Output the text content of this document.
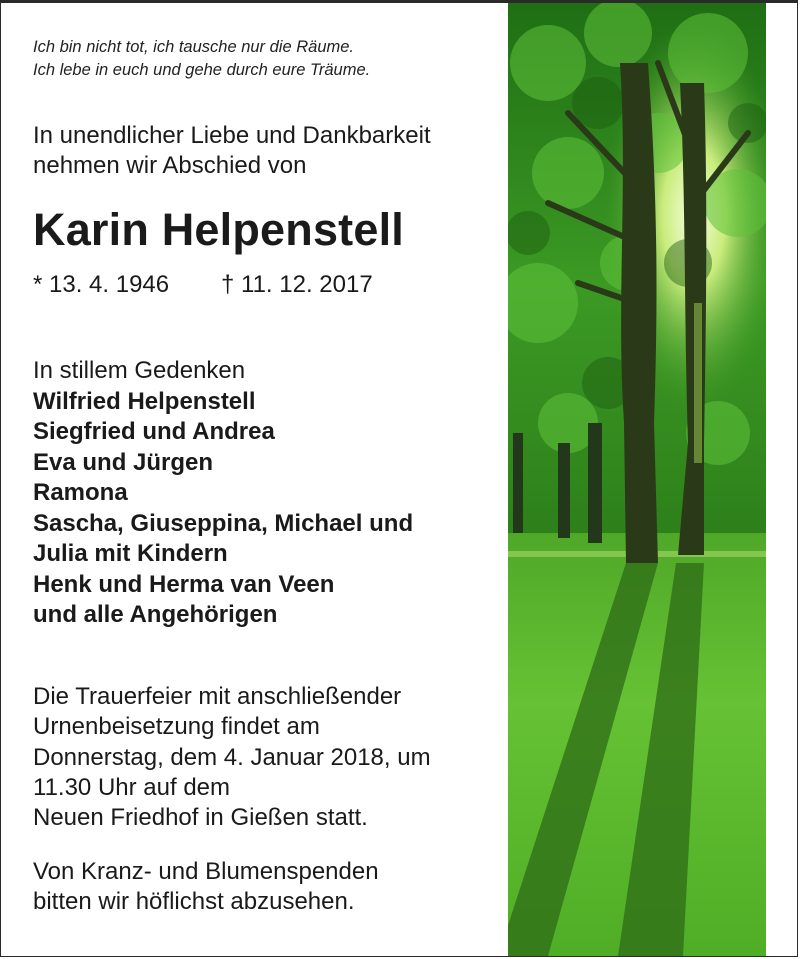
Ich bin nicht tot, ich tausche nur die Räume.
Ich lebe in euch und gehe durch eure Träume.
In unendlicher Liebe und Dankbarkeit
nehmen wir Abschied von
Karin Helpenstell
* 13. 4. 1946 † 11. 12. 2017
In stillem Gedenken
Wilfried Helpenstell
Siegfried und Andrea
Eva und Jürgen
Ramona
Sascha, Giuseppina, Michael und
Julia mit Kindern
Henk und Herma van Veen
und alle Angehörigen
Die Trauerfeier mit anschließender
Urnenbeisetzung findet am
Donnerstag, dem 4. Januar 2018, um
11.30 Uhr auf dem
Neuen Friedhof in Gießen statt.
Von Kranz- und Blumenspenden
bitten wir höflichst abzusehen.
